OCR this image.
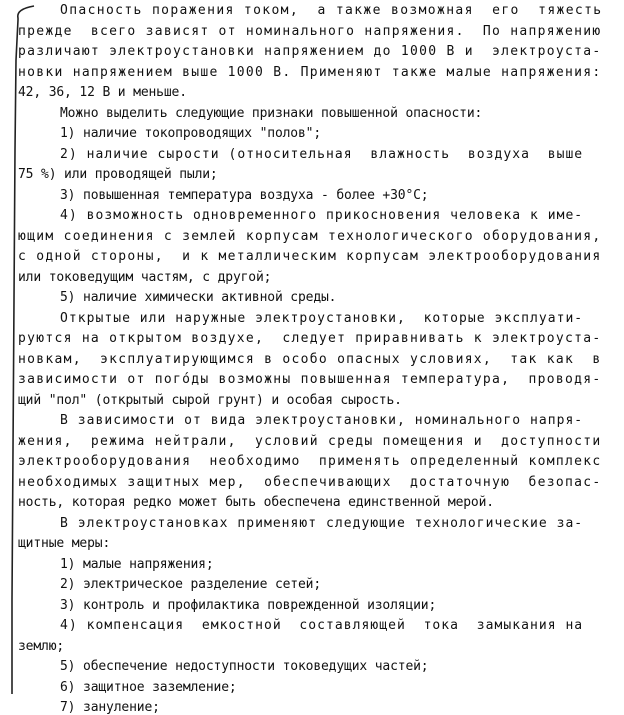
Опасность поражения током,  а также возможная  его  тяжесть
прежде  всего зависят от номинального напряжения.  По напряжению
различают электроустановки напряжением до 1000 В и  электроуста-
новки напряжением выше 1000 В. Применяют также малые напряжения:
42, 36, 12 В и меньше.
Можно выделить следующие признаки повышенной опасности:
1) наличие токопроводящих "полов";
2) наличие сырости (относительная  влажность  воздуха  выше
75 %) или проводящей пыли;
3) повышенная температура воздуха - более +30°С;
4) возможность одновременного прикосновения человека к име-
ющим соединения с землей корпусам технологического оборудования,
с одной стороны,  и к металлическим корпусам электрооборудования
или токоведущим частям, с другой;
5) наличие химически активной среды.
Открытые или наружные электроустановки,  которые эксплуати-
руются на открытом воздухе,  следует приравнивать к электроуста-
новкам,  эксплуатирующимся в особо опасных условиях,  так как  в
зависимости от погóды возможны повышенная температура,  проводя-
щий "пол" (открытый сырой грунт) и особая сырость.
В зависимости от вида электроустановки, номинального напря-
жения,  режима нейтрали,  условий среды помещения и  доступности
электрооборудования  необходимо  применять определенный комплекс
необходимых защитных мер,  обеспечивающих  достаточную  безопас-
ность, которая редко может быть обеспечена единственной мерой.
В электроустановках применяют следующие технологические за-
щитные меры:
1) малые напряжения;
2) электрическое разделение сетей;
3) контроль и профилактика поврежденной изоляции;
4) компенсация  емкостной  составляющей  тока  замыкания на
землю;
5) обеспечение недоступности токоведущих частей;
6) защитное заземление;
7) зануление;
